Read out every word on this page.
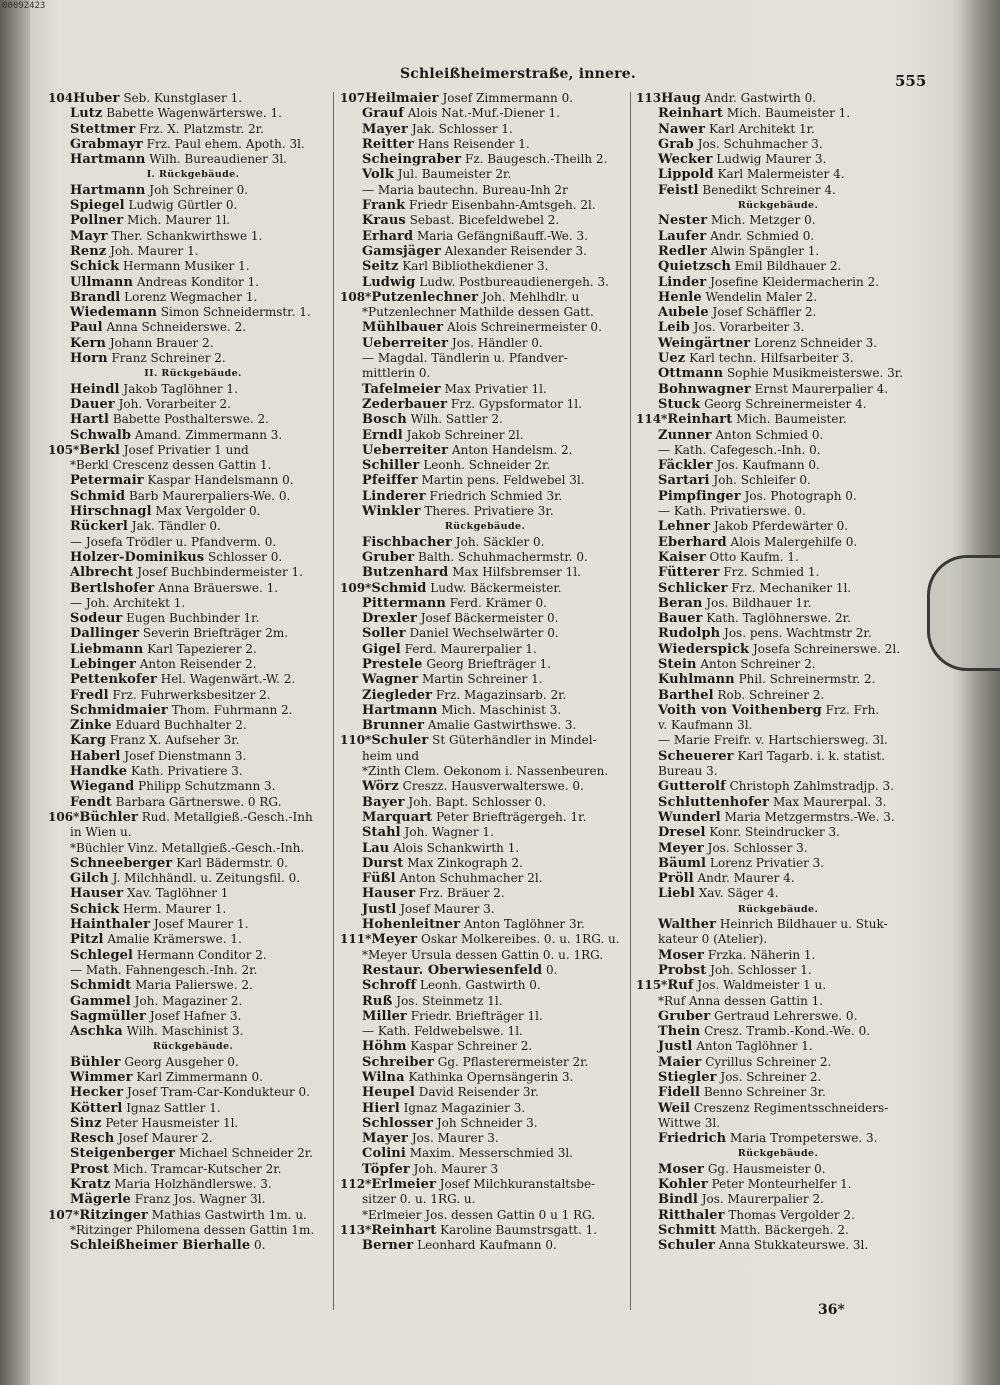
00092423
Schleißheimerstraße, innere.	555
104Huber Seb. Kunstglaser 1.
Lutz Babette Wagenwärterswe. 1.
Stettmer Frz. X. Platzmstr. 2r.
Grabmayr Frz. Paul ehem. Apoth. 3l.
Hartmann Wilh. Bureaudiener 3l.
I. Rückgebäude.
Hartmann Joh Schreiner 0.
Spiegel Ludwig Gürtler 0.
Pollner Mich. Maurer 1l.
Mayr Ther. Schankwirthswe 1.
Renz Joh. Maurer 1.
Schick Hermann Musiker 1.
Ullmann Andreas Konditor 1.
Brandl Lorenz Wegmacher 1.
Wiedemann Simon Schneidermstr. 1.
Paul Anna Schneiderswe. 2.
Kern Johann Brauer 2.
Horn Franz Schreiner 2.
II. Rückgebäude.
Heindl Jakob Taglöhner 1.
Dauer Joh. Vorarbeiter 2.
Hartl Babette Posthalterswe. 2.
Schwalb Amand. Zimmermann 3.
105*Berkl Josef Privatier 1 und
*Berkl Crescenz dessen Gattin 1.
Petermair Kaspar Handelsmann 0.
Schmid Barb Maurerpaliers-We. 0.
Hirschnagl Max Vergolder 0.
Rückerl Jak. Tändler 0.
— Josefa Trödler u. Pfandverm. 0.
Holzer-Dominikus Schlosser 0.
Albrecht Josef Buchbindermeister 1.
Bertlshofer Anna Bräuerswe. 1.
— Joh. Architekt 1.
Sodeur Eugen Buchbinder 1r.
Dallinger Severin Briefträger 2m.
Liebmann Karl Tapezierer 2.
Lebinger Anton Reisender 2.
Pettenkofer Hel. Wagenwärt.-W. 2.
Fredl Frz. Fuhrwerksbesitzer 2.
Schmidmaier Thom. Fuhrmann 2.
Zinke Eduard Buchhalter 2.
Karg Franz X. Aufseher 3r.
Haberl Josef Dienstmann 3.
Handke Kath. Privatiere 3.
Wiegand Philipp Schutzmann 3.
Fendt Barbara Gärtnerswe. 0 RG.
106*Büchler Rud. Metallgieß.-Gesch.-Inh
in Wien u.
*Büchler Vinz. Metallgieß.-Gesch.-Inh.
Schneeberger Karl Bädermstr. 0.
Gilch J. Milchhändl. u. Zeitungsfil. 0.
Hauser Xav. Taglöhner 1
Schick Herm. Maurer 1.
Hainthaler Josef Maurer 1.
Pitzl Amalie Krämerswe. 1.
Schlegel Hermann Conditor 2.
— Math. Fahnengesch.-Inh. 2r.
Schmidt Maria Palierswe. 2.
Gammel Joh. Magaziner 2.
Sagmüller Josef Hafner 3.
Aschka Wilh. Maschinist 3.
Rückgebäude.
Bühler Georg Ausgeher 0.
Wimmer Karl Zimmermann 0.
Hecker Josef Tram-Car-Kondukteur 0.
Kötterl Ignaz Sattler 1.
Sinz Peter Hausmeister 1l.
Resch Josef Maurer 2.
Steigenberger Michael Schneider 2r.
Prost Mich. Tramcar-Kutscher 2r.
Kratz Maria Holzhändlerswe. 3.
Mägerle Franz Jos. Wagner 3l.
107*Ritzinger Mathias Gastwirth 1m. u.
*Ritzinger Philomena dessen Gattin 1m.
Schleißheimer Bierhalle 0.
107Heilmaier Josef Zimmermann 0.
Grauf Alois Nat.-Muf.-Diener 1.
Mayer Jak. Schlosser 1.
Reitter Hans Reisender 1.
Scheingraber Fz. Baugesch.-Theilh 2.
Volk Jul. Baumeister 2r.
— Maria bautechn. Bureau-Inh 2r
Frank Friedr Eisenbahn-Amtsgeh. 2l.
Kraus Sebast. Bicefeldwebel 2.
Erhard Maria Gefängnißauff.-We. 3.
Gamsjäger Alexander Reisender 3.
Seitz Karl Bibliothekdiener 3.
Ludwig Ludw. Postbureaudienergeh. 3.
108*Putzenlechner Joh. Mehlhdlr. u
*Putzenlechner Mathilde dessen Gatt.
Mühlbauer Alois Schreinermeister 0.
Ueberreiter Jos. Händler 0.
— Magdal. Tändlerin u. Pfandver-
mittlerin 0.
Tafelmeier Max Privatier 1l.
Zederbauer Frz. Gypsformator 1l.
Bosch Wilh. Sattler 2.
Erndl Jakob Schreiner 2l.
Ueberreiter Anton Handelsm. 2.
Schiller Leonh. Schneider 2r.
Pfeiffer Martin pens. Feldwebel 3l.
Linderer Friedrich Schmied 3r.
Winkler Theres. Privatiere 3r.
Rückgebäude.
Fischbacher Joh. Säckler 0.
Gruber Balth. Schuhmachermstr. 0.
Butzenhard Max Hilfsbremser 1l.
109*Schmid Ludw. Bäckermeister.
Pittermann Ferd. Krämer 0.
Drexler Josef Bäckermeister 0.
Soller Daniel Wechselwärter 0.
Gigel Ferd. Maurerpalier 1.
Prestele Georg Briefträger 1.
Wagner Martin Schreiner 1.
Ziegleder Frz. Magazinsarb. 2r.
Hartmann Mich. Maschinist 3.
Brunner Amalie Gastwirthswe. 3.
110*Schuler St Güterhändler in Mindel-
heim und
*Zinth Clem. Oekonom i. Nassenbeuren.
Wörz Creszz. Hausverwalterswe. 0.
Bayer Joh. Bapt. Schlosser 0.
Marquart Peter Briefträgergeh. 1r.
Stahl Joh. Wagner 1.
Lau Alois Schankwirth 1.
Durst Max Zinkograph 2.
Füßl Anton Schuhmacher 2l.
Hauser Frz. Bräuer 2.
Justl Josef Maurer 3.
Hohenleitner Anton Taglöhner 3r.
111*Meyer Oskar Molkereibes. 0. u. 1RG. u.
*Meyer Ursula dessen Gattin 0. u. 1RG.
Restaur. Oberwiesenfeld 0.
Schroff Leonh. Gastwirth 0.
Ruß Jos. Steinmetz 1l.
Miller Friedr. Briefträger 1l.
— Kath. Feldwebelswe. 1l.
Höhm Kaspar Schreiner 2.
Schreiber Gg. Pflasterermeister 2r.
Wilna Kathinka Opernsängerin 3.
Heupel David Reisender 3r.
Hierl Ignaz Magazinier 3.
Schlosser Joh Schneider 3.
Mayer Jos. Maurer 3.
Colini Maxim. Messerschmied 3l.
Töpfer Joh. Maurer 3
112*Erlmeier Josef Milchkuranstaltsbe-
sitzer 0. u. 1RG. u.
*Erlmeier Jos. dessen Gattin 0 u 1 RG.
113*Reinhart Karoline Baumstrsgatt. 1.
Berner Leonhard Kaufmann 0.
113Haug Andr. Gastwirth 0.
Reinhart Mich. Baumeister 1.
Nawer Karl Architekt 1r.
Grab Jos. Schuhmacher 3.
Wecker Ludwig Maurer 3.
Lippold Karl Malermeister 4.
Feistl Benedikt Schreiner 4.
Rückgebäude.
Nester Mich. Metzger 0.
Laufer Andr. Schmied 0.
Redler Alwin Spängler 1.
Quietzsch Emil Bildhauer 2.
Linder Josefine Kleidermacherin 2.
Henle Wendelin Maler 2.
Aubele Josef Schäffler 2.
Leib Jos. Vorarbeiter 3.
Weingärtner Lorenz Schneider 3.
Uez Karl techn. Hilfsarbeiter 3.
Ottmann Sophie Musikmeisterswe. 3r.
Bohnwagner Ernst Maurerpalier 4.
Stuck Georg Schreinermeister 4.
114*Reinhart Mich. Baumeister.
Zunner Anton Schmied 0.
— Kath. Cafegesch.-Inh. 0.
Fäckler Jos. Kaufmann 0.
Sartari Joh. Schleifer 0.
Pimpfinger Jos. Photograph 0.
— Kath. Privatierswe. 0.
Lehner Jakob Pferdewärter 0.
Eberhard Alois Malergehilfe 0.
Kaiser Otto Kaufm. 1.
Fütterer Frz. Schmied 1.
Schlicker Frz. Mechaniker 1l.
Beran Jos. Bildhauer 1r.
Bauer Kath. Taglöhnerswe. 2r.
Rudolph Jos. pens. Wachtmstr 2r.
Wiederspick Josefa Schreinerswe. 2l.
Stein Anton Schreiner 2.
Kuhlmann Phil. Schreinermstr. 2.
Barthel Rob. Schreiner 2.
Voith von Voithenberg Frz. Frh.
v. Kaufmann 3l.
— Marie Freifr. v. Hartschiersweg. 3l.
Scheuerer Karl Tagarb. i. k. statist.
Bureau 3.
Gutterolf Christoph Zahlmstradjp. 3.
Schluttenhofer Max Maurerpal. 3.
Wunderl Maria Metzgermstrs.-We. 3.
Dresel Konr. Steindrucker 3.
Meyer Jos. Schlosser 3.
Bäuml Lorenz Privatier 3.
Pröll Andr. Maurer 4.
Liebl Xav. Säger 4.
Rückgebäude.
Walther Heinrich Bildhauer u. Stuk-
kateur 0 (Atelier).
Moser Frzka. Näherin 1.
Probst Joh. Schlosser 1.
115*Ruf Jos. Waldmeister 1 u.
*Ruf Anna dessen Gattin 1.
Gruber Gertraud Lehrerswe. 0.
Thein Cresz. Tramb.-Kond.-We. 0.
Justl Anton Taglöhner 1.
Maier Cyrillus Schreiner 2.
Stiegler Jos. Schreiner 2.
Fidell Benno Schreiner 3r.
Weil Creszenz Regimentsschneiders-
Wittwe 3l.
Friedrich Maria Trompeterswe. 3.
Rückgebäude.
Moser Gg. Hausmeister 0.
Kohler Peter Monteurhelfer 1.
Bindl Jos. Maurerpalier 2.
Ritthaler Thomas Vergolder 2.
Schmitt Matth. Bäckergeh. 2.
Schuler Anna Stukkateurswe. 3l.
36*
